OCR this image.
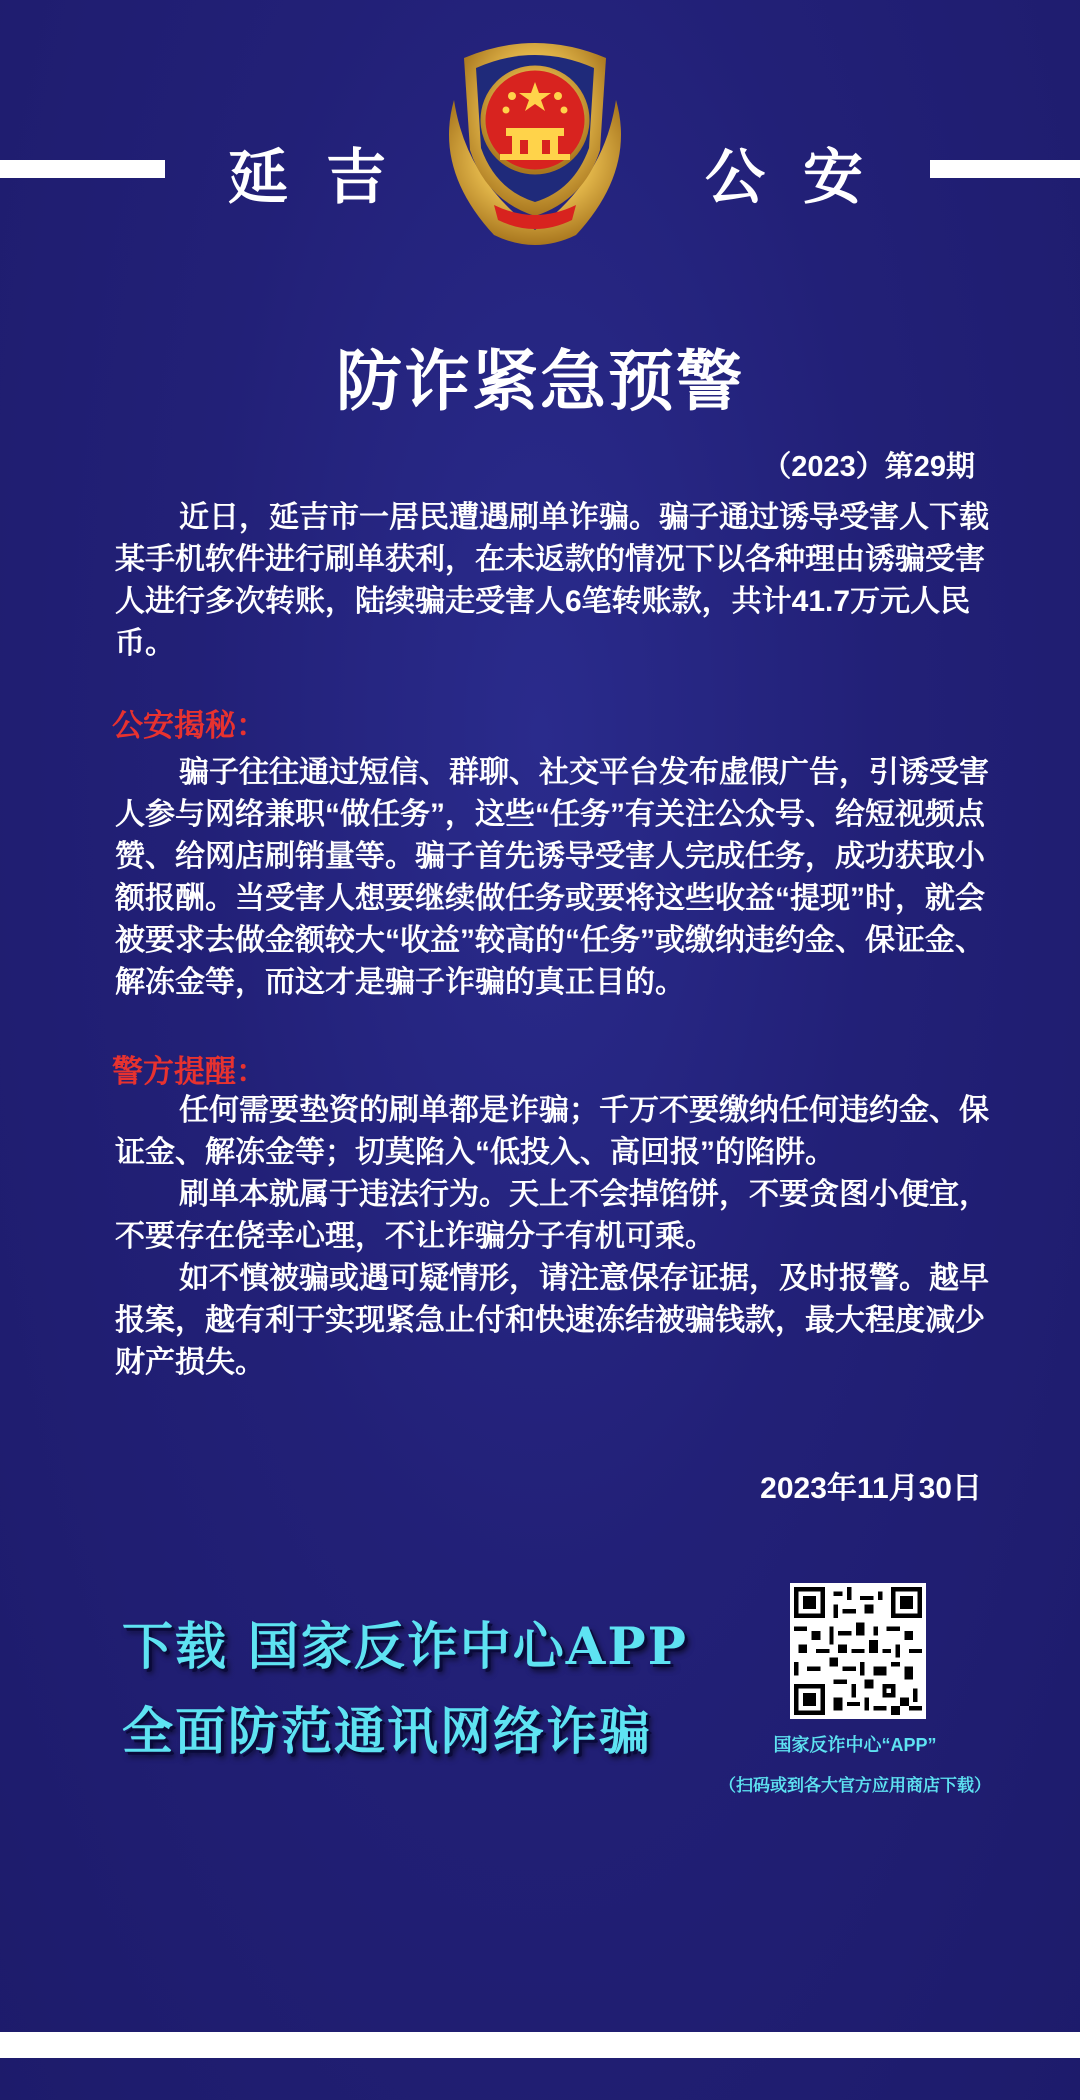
延吉	公安
防诈紧急预警
（2023）第29期

近日，延吉市一居民遭遇刷单诈骗。骗子通过诱导受害人下载某手机软件进行刷单获利，在未返款的情况下以各种理由诱骗受害人进行多次转账，陆续骗走受害人6笔转账款，共计41.7万元人民币。

公安揭秘：

骗子往往通过短信、群聊、社交平台发布虚假广告，引诱受害人参与网络兼职“做任务”，这些“任务”有关注公众号、给短视频点赞、给网店刷销量等。骗子首先诱导受害人完成任务，成功获取小额报酬。当受害人想要继续做任务或要将这些收益“提现”时，就会被要求去做金额较大“收益”较高的“任务”或缴纳违约金、保证金、解冻金等，而这才是骗子诈骗的真正目的。

警方提醒：

任何需要垫资的刷单都是诈骗；千万不要缴纳任何违约金、保证金、解冻金等；切莫陷入“低投入、高回报”的陷阱。

刷单本就属于违法行为。天上不会掉馅饼，不要贪图小便宜，不要存在侥幸心理，不让诈骗分子有机可乘。

如不慎被骗或遇可疑情形，请注意保存证据，及时报警。越早报案，越有利于实现紧急止付和快速冻结被骗钱款，最大程度减少财产损失。

2023年11月30日
下载 国家反诈中心APP
全面防范通讯网络诈骗	国家反诈中心“APP”
（扫码或到各大官方应用商店下载）
